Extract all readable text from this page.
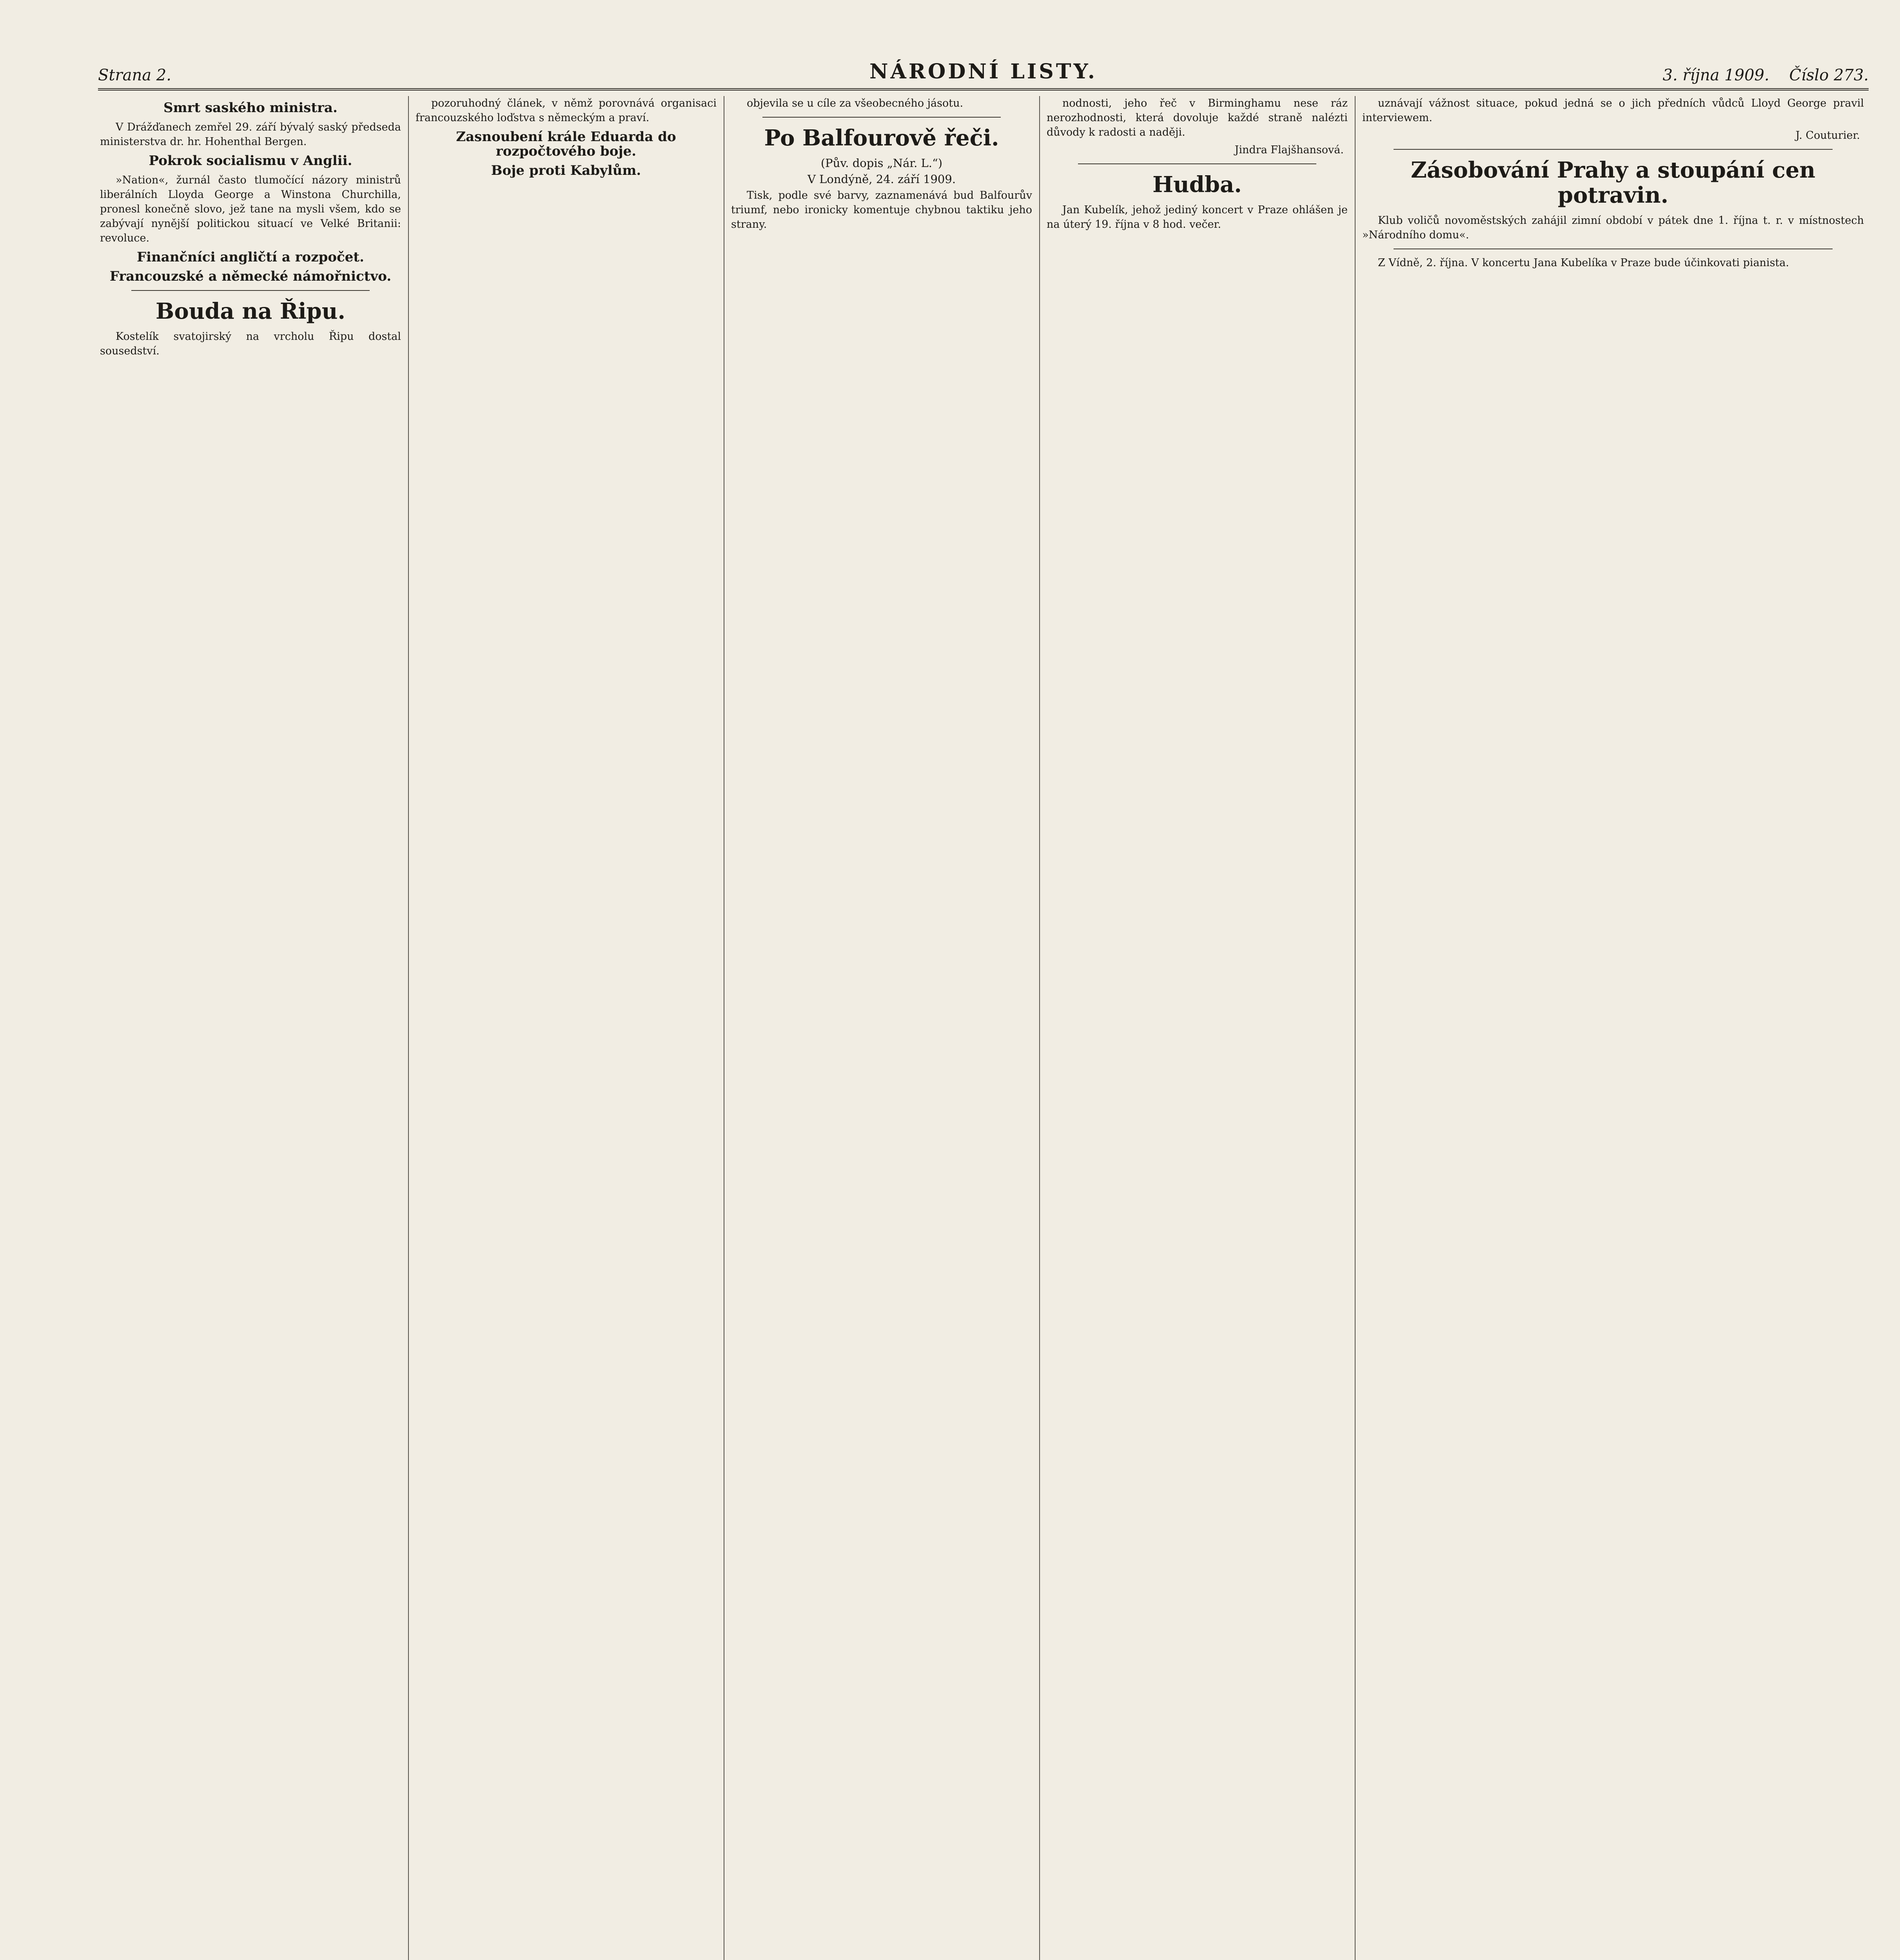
Strana 2.	NÁRODNÍ LISTY.	3. října 1909. Číslo 273.
Smrt saského ministra.

V Drážďanech zemřel 29. září bývalý saský předseda ministerstva dr. hr. Hohenthal Bergen.

Pokrok socialismu v Anglii.

»Nation«, žurnál často tlumočící názory ministrů liberálních Lloyda George a Winstona Churchilla, pronesl konečně slovo, jež tane na mysli všem, kdo se zabývají nynější politickou situací ve Velké Britanii: revoluce.

Finančníci angličtí a rozpočet.
Francouzské a německé námořnictvo.
Bouda na Řipu.

Kostelík svatojirský na vrcholu Řipu dostal sousedství.

pozoruhodný článek, v němž porovnává organisaci francouzského loďstva s německým a praví.

Zasnoubení krále Eduarda do rozpočtového boje.
Boje proti Kabylům.

objevila se u cíle za všeobecného jásotu.

Po Balfourově řeči.
(Pův. dopis „Nár. L.“)
V Londýně, 24. září 1909.

Tisk, podle své barvy, zaznamenává bud Balfourův triumf, nebo ironicky komentuje chybnou taktiku jeho strany.

nodnosti, jeho řeč v Birminghamu nese ráz nerozhodnosti, která dovoluje každé straně nalézti důvody k radosti a naději.

Jindra Flajšhansová.
Hudba.

Jan Kubelík, jehož jediný koncert v Praze ohlášen je na úterý 19. října v 8 hod. večer.

uznávají vážnost situace, pokud jedná se o jich předních vůdců Lloyd George pravil interviewem.

J. Couturier.
Zásobování Prahy a stoupání cen potravin.

Klub voličů novoměstských zahájil zimní období v pátek dne 1. října t. r. v místnostech »Národního domu«.

Z Vídně, 2. října. V koncertu Jana Kubelíka v Praze bude účinkovati pianista.
